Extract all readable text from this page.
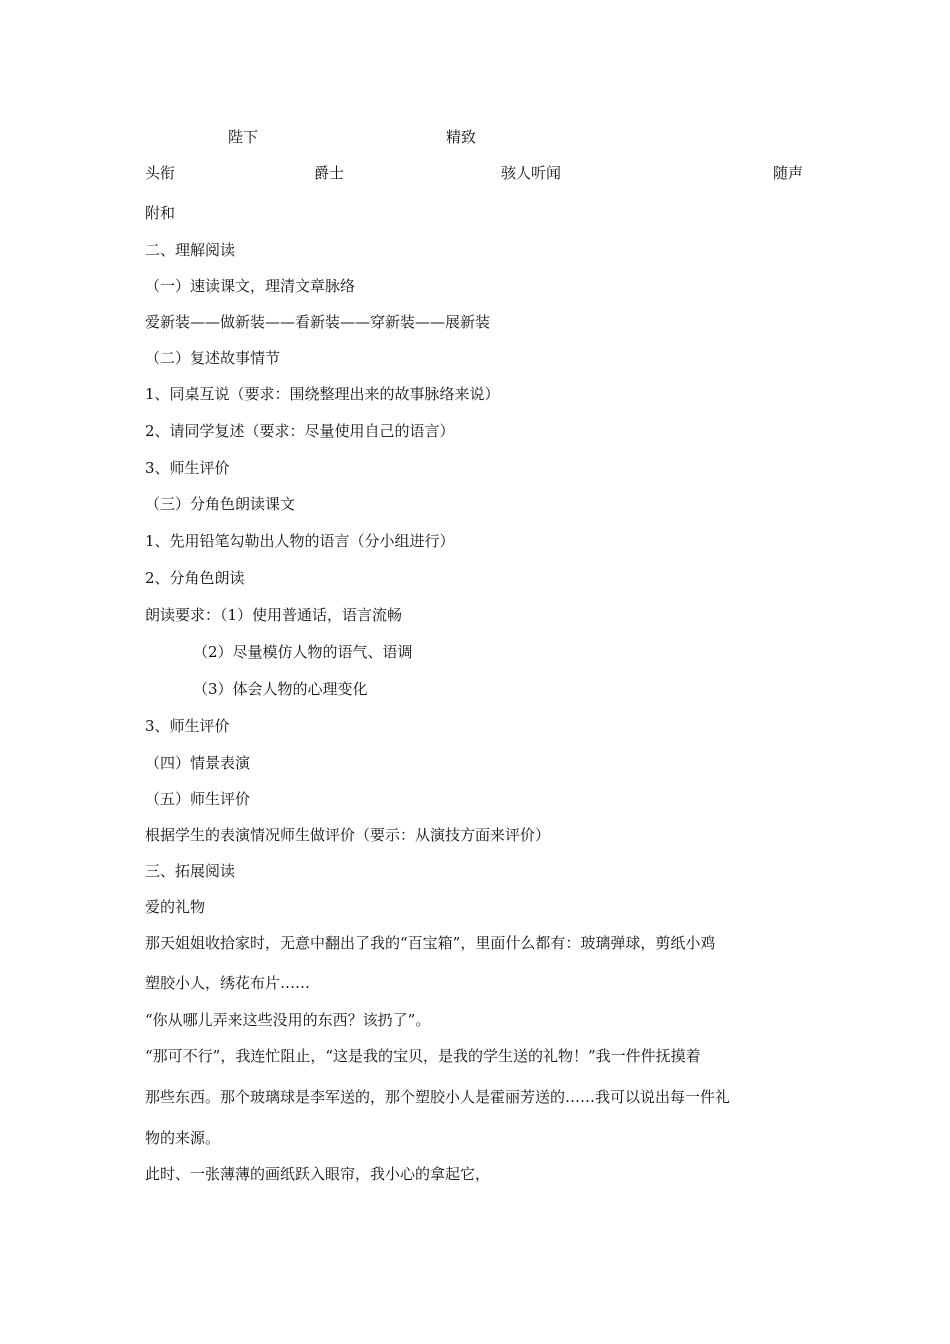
陛下	精致
头衔	爵士	骇人听闻	随声
附和
二、理解阅读
（一）速读课文，理清文章脉络
爱新装——做新装——看新装——穿新装——展新装
（二）复述故事情节
1、同桌互说（要求：围绕整理出来的故事脉络来说）
2、请同学复述（要求：尽量使用自己的语言）
3、师生评价
（三）分角色朗读课文
1、先用铅笔勾勒出人物的语言（分小组进行）
2、分角色朗读
朗读要求：（1）使用普通话，语言流畅
（2）尽量模仿人物的语气、语调
（3）体会人物的心理变化
3、师生评价
（四）情景表演
（五）师生评价
根据学生的表演情况师生做评价（要示：从演技方面来评价）
三、拓展阅读
爱的礼物
那天姐姐收拾家时，无意中翻出了我的“百宝箱”，里面什么都有：玻璃弹球，剪纸小鸡
塑胶小人，绣花布片……
“你从哪儿弄来这些没用的东西？该扔了”。
“那可不行”，我连忙阻止，“这是我的宝贝，是我的学生送的礼物！”我一件件抚摸着
那些东西。那个玻璃球是李军送的，那个塑胶小人是霍丽芳送的……我可以说出每一件礼
物的来源。
此时、一张薄薄的画纸跃入眼帘，我小心的拿起它，
